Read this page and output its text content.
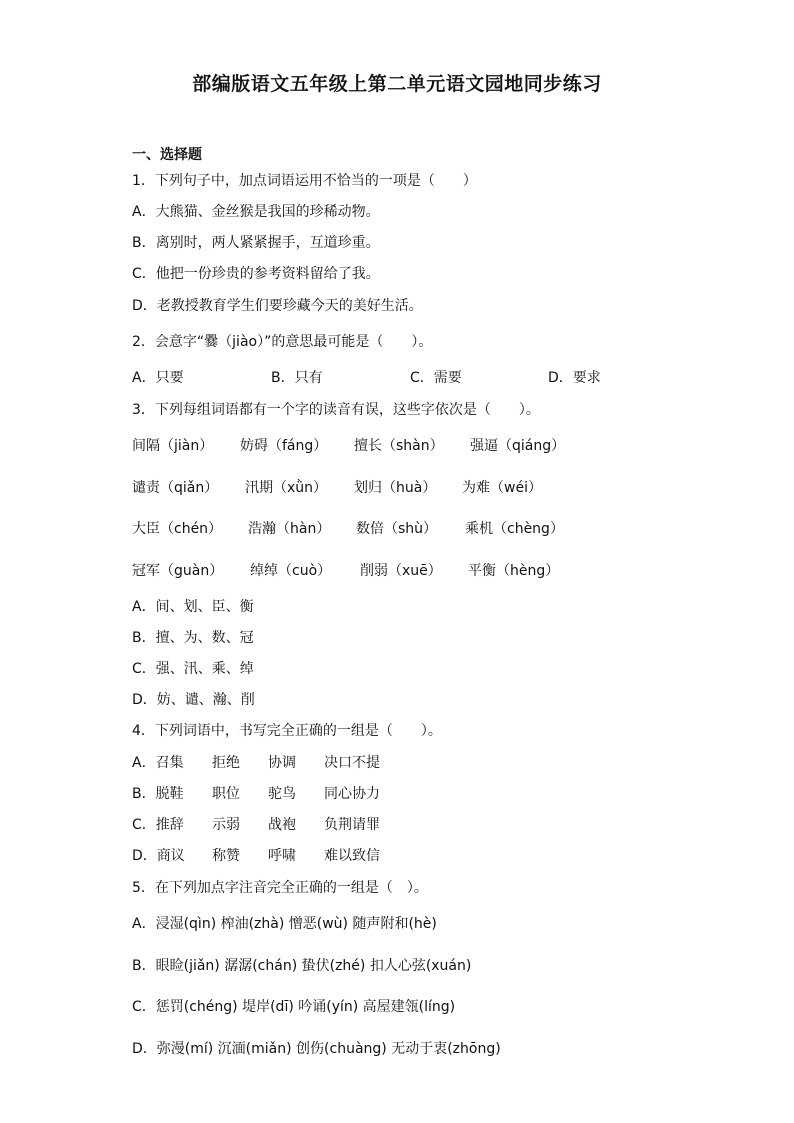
部编版语文五年级上第二单元语文园地同步练习
一、选择题
1．下列句子中，加点词语运用不恰当的一项是（　　）
A．大熊猫、金丝猴是我国的珍稀动物。
B．离别时，两人紧紧握手，互道珍重。
C．他把一份珍贵的参考资料留给了我。
D．老教授教育学生们要珍藏今天的美好生活。
2．会意字“爨（jiào）”的意思最可能是（　　）。
A．只要	B．只有	C．需要	D．要求
3．下列每组词语都有一个字的读音有误，这些字依次是（　　）。
间隔（jiàn） 妨碍（fáng） 擅长（shàn） 强逼（qiáng）
谴责（qiǎn） 汛期（xǜn） 划归（huà） 为难（wéi）
大臣（chén） 浩瀚（hàn） 数倍（shù） 乘机（chèng）
冠军（guàn） 绰绰（cuò） 削弱（xuē） 平衡（hèng）
A．间、划、臣、衡
B．擅、为、数、冠
C．强、汛、乘、绰
D．妨、谴、瀚、削
4．下列词语中，书写完全正确的一组是（　　）。
A．召集 拒绝 协调 决口不提
B．脱鞋 职位 驼鸟 同心协力
C．推辞 示弱 战袍 负荆请罪
D．商议 称赞 呼啸 难以致信
5．在下列加点字注音完全正确的一组是（　）。
A．浸湿(qìn) 榨油(zhà) 憎恶(wù) 随声附和(hè)
B．眼睑(jiǎn) 潺潺(chán) 蛰伏(zhé) 扣人心弦(xuán)
C．惩罚(chéng) 堤岸(dī) 吟诵(yín) 高屋建瓴(líng)
D．弥漫(mí) 沉湎(miǎn) 创伤(chuàng) 无动于衷(zhōng)
